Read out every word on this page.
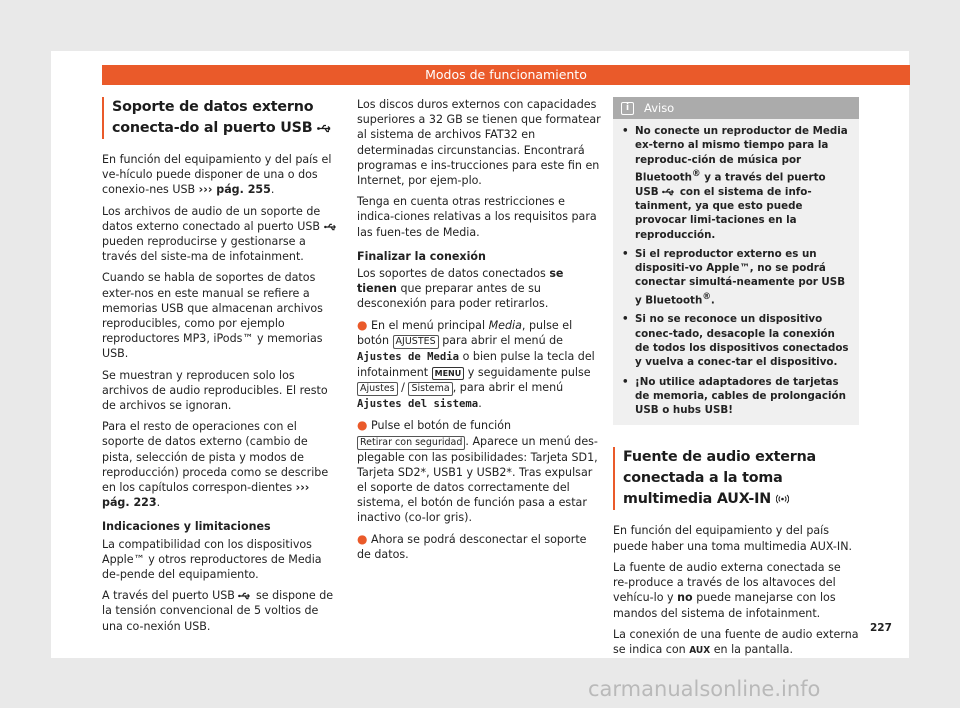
Modos de funcionamiento
Soporte de datos externo conecta-do al puerto USB

En función del equipamiento y del país el ve-hículo puede disponer de una o dos conexio-nes USB ››› pág. 255.

Los archivos de audio de un soporte de datos externo conectado al puerto USB  pueden reproducirse y gestionarse a través del siste-ma de infotainment.

Cuando se habla de soportes de datos exter-nos en este manual se refiere a memorias USB que almacenan archivos reproducibles, como por ejemplo reproductores MP3, iPods™ y memorias USB.

Se muestran y reproducen solo los archivos de audio reproducibles. El resto de archivos se ignoran.

Para el resto de operaciones con el soporte de datos externo (cambio de pista, selección de pista y modos de reproducción) proceda como se describe en los capítulos correspon-dientes ››› pág. 223.

Indicaciones y limitaciones

La compatibilidad con los dispositivos Apple™ y otros reproductores de Media de-pende del equipamiento.

A través del puerto USB se dispone de la tensión convencional de 5 voltios de una co-nexión USB.

Los discos duros externos con capacidades superiores a 32 GB se tienen que formatear al sistema de archivos FAT32 en determinadas circunstancias. Encontrará programas e ins-trucciones para este fin en Internet, por ejem-plo.

Tenga en cuenta otras restricciones e indica-ciones relativas a los requisitos para las fuen-tes de Media.

Finalizar la conexión

Los soportes de datos conectados se tienen que preparar antes de su desconexión para poder retirarlos.

● En el menú principal Media, pulse el botón AJUSTES para abrir el menú de Ajustes de Media o bien pulse la tecla del infotainment MENU y seguidamente pulse Ajustes / Sistema , para abrir el menú Ajustes del sistema.

● Pulse el botón de función Retirar con seguridad . Aparece un menú des-plegable con las posibilidades: Tarjeta SD1, Tarjeta SD2*, USB1 y USB2*. Tras expulsar el soporte de datos correctamente del sistema, el botón de función pasa a estar inactivo (co-lor gris).

● Ahora se podrá desconectar el soporte de datos.

i Aviso
• No conecte un reproductor de Media ex-terno al mismo tiempo para la reproduc-ción de música por Bluetooth® y a través del puerto USB con el sistema de info-tainment, ya que esto puede provocar limi-taciones en la reproducción.
• Si el reproductor externo es un dispositi-vo Apple™, no se podrá conectar simultá-neamente por USB y Bluetooth®.
• Si no se reconoce un dispositivo conec-tado, desacople la conexión de todos los dispositivos conectados y vuelva a conec-tar el dispositivo.
• ¡No utilice adaptadores de tarjetas de memoria, cables de prolongación USB o hubs USB!
Fuente de audio externa conectada a la toma multimedia AUX-IN

En función del equipamiento y del país puede haber una toma multimedia AUX-IN.

La fuente de audio externa conectada se re-produce a través de los altavoces del vehícu-lo y no puede manejarse con los mandos del sistema de infotainment.

La conexión de una fuente de audio externa se indica con AUX en la pantalla.

227
carmanualsonline.info
